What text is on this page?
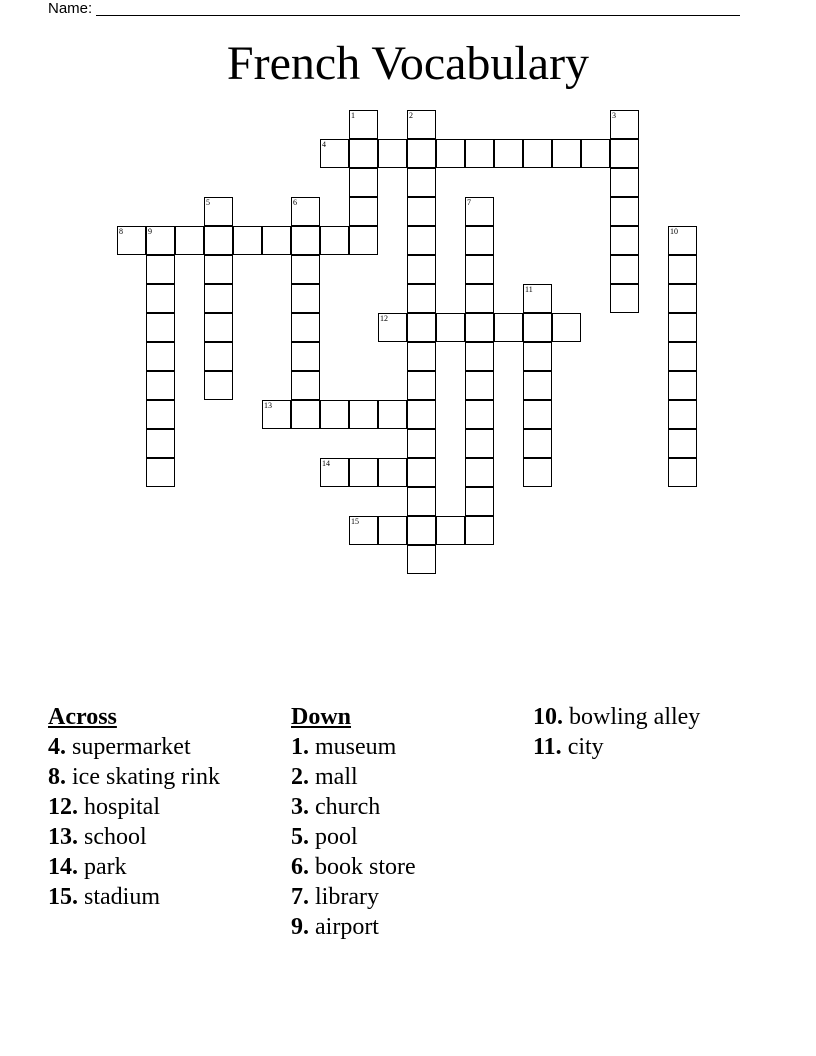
Name:
French Vocabulary
1	2	3
4
5	6	7
8	9	10
11
12
13
14
15
Across
4. supermarket
8. ice skating rink
12. hospital
13. school
14. park
15. stadium
Down
1. museum
2. mall
3. church
5. pool
6. book store
7. library
9. airport
10. bowling alley
11. city
